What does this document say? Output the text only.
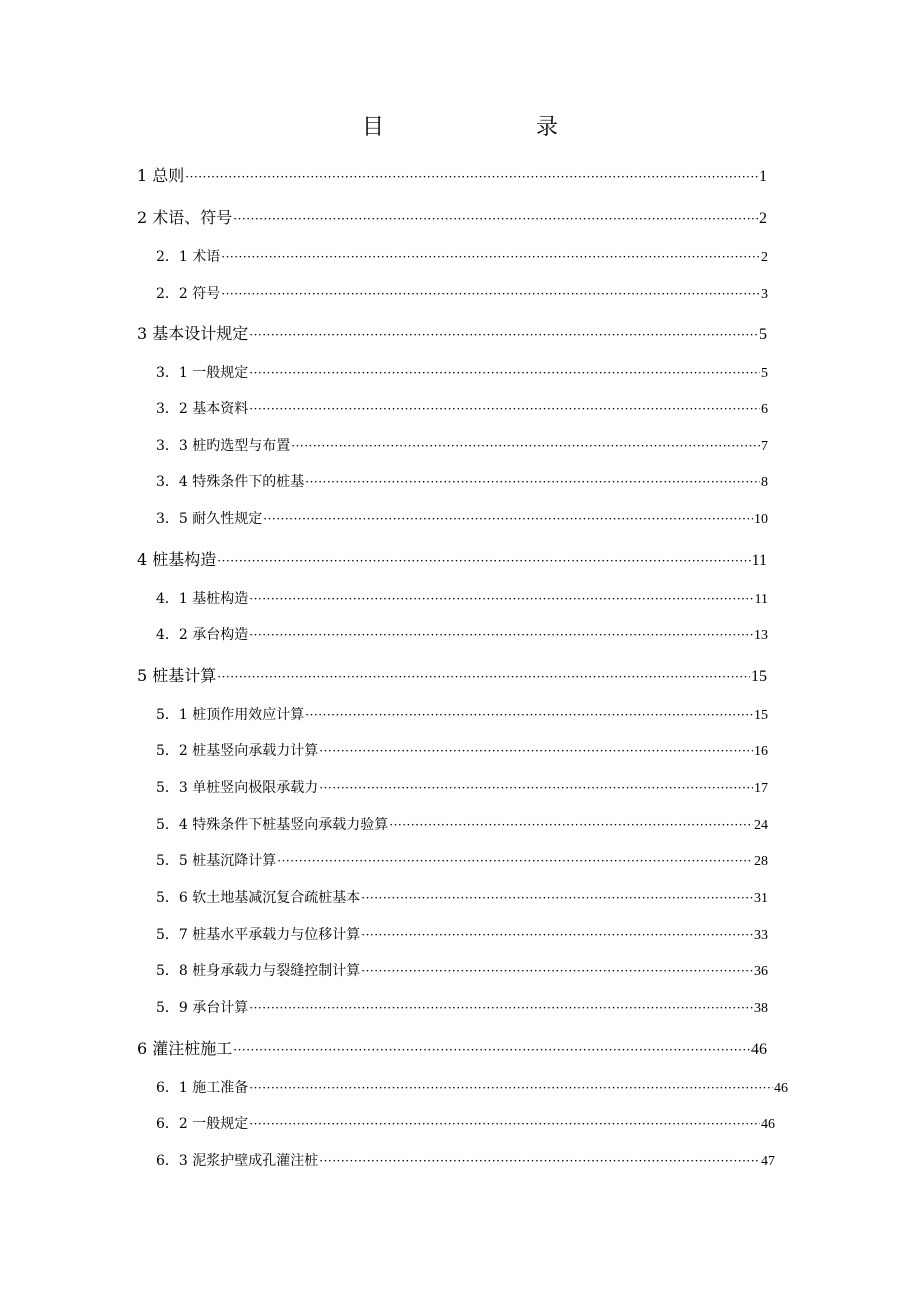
目　　录
1 总则 ·····	1
2 术语、符号 ·····	2
2．1 术语 ·····	2
2．2 符号 ·····	3
3 基本设计规定 ·····	5
3．1 一般规定 ·····	5
3．2 基本资料 ·····	6
3．3 桩旳选型与布置 ·····	7
3．4 特殊条件下的桩基 ·····	8
3．5 耐久性规定 ·····	10
4 桩基构造 ·····	11
4．1 基桩构造 ·····	11
4．2 承台构造 ·····	13
5 桩基计算 ·····	15
5．1 桩顶作用效应计算 ·····	15
5．2 桩基竖向承载力计算 ·····	16
5．3 单桩竖向极限承载力 ·····	17
5．4 特殊条件下桩基竖向承载力验算 ·····	24
5．5 桩基沉降计算 ·····	28
5．6 软土地基减沉复合疏桩基本 ·····	31
5．7 桩基水平承载力与位移计算 ·····	33
5．8 桩身承载力与裂缝控制计算 ·····	36
5．9 承台计算 ·····	38
6 灌注桩施工 ·····	46
6．1 施工准备 ·····	46
6．2 一般规定 ·····	46
6．3 泥浆护壁成孔灌注桩 ·····	47
